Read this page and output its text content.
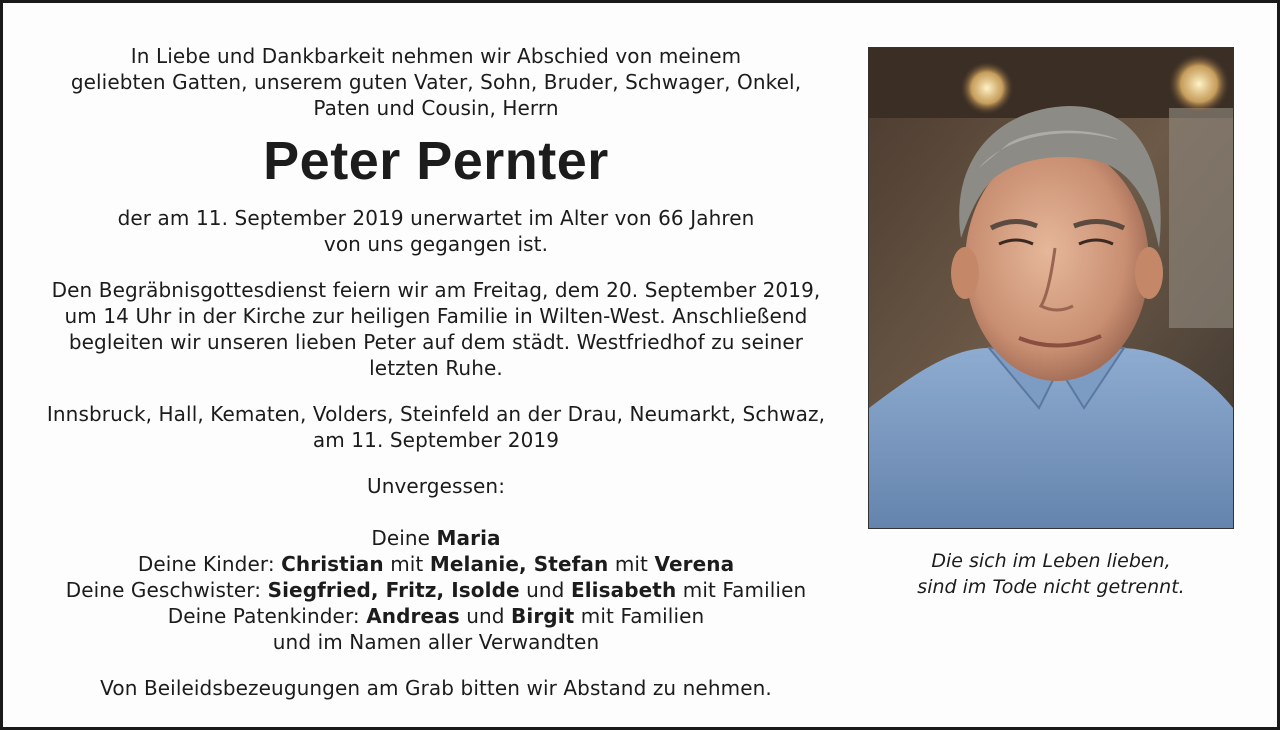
In Liebe und Dankbarkeit nehmen wir Abschied von meinem
geliebten Gatten, unserem guten Vater, Sohn, Bruder, Schwager, Onkel,
Paten und Cousin, Herrn

Peter Pernter

der am 11. September 2019 unerwartet im Alter von 66 Jahren
von uns gegangen ist.

Den Begräbnisgottesdienst feiern wir am Freitag, dem 20. September 2019,
um 14 Uhr in der Kirche zur heiligen Familie in Wilten-West. Anschließend
begleiten wir unseren lieben Peter auf dem städt. Westfriedhof zu seiner
letzten Ruhe.

Innsbruck, Hall, Kematen, Volders, Steinfeld an der Drau, Neumarkt, Schwaz,
am 11. September 2019

Unvergessen:

Deine Maria
Deine Kinder: Christian mit Melanie, Stefan mit Verena
Deine Geschwister: Siegfried, Fritz, Isolde und Elisabeth mit Familien
Deine Patenkinder: Andreas und Birgit mit Familien
und im Namen aller Verwandten

Von Beileidsbezeugungen am Grab bitten wir Abstand zu nehmen.

Die sich im Leben lieben,
sind im Tode nicht getrennt.
